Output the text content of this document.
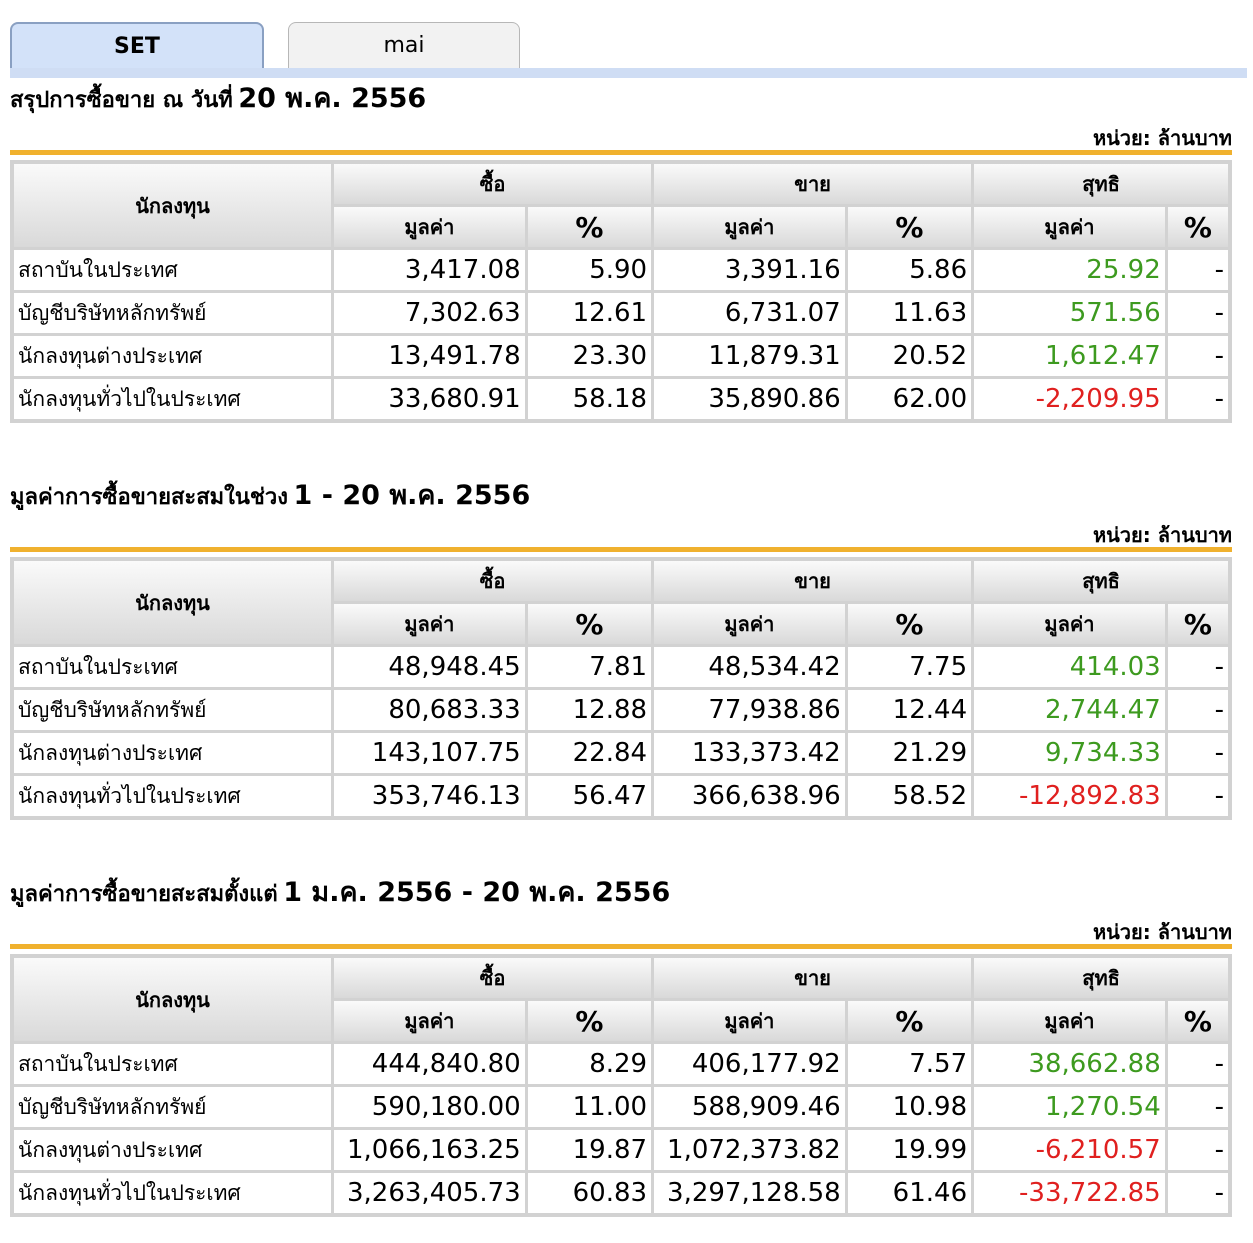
SET	mai
สรุปการซื้อขาย ณ วันที่ 20 พ.ค. 2556
หน่วย: ล้านบาท
นักลงทุน	ซื้อ		ขาย		สุทธิ	
	มูลค่า	%	มูลค่า	%	มูลค่า	%
สถาบันในประเทศ	3,417.08	5.90	3,391.16	5.86	25.92	-
บัญชีบริษัทหลักทรัพย์	7,302.63	12.61	6,731.07	11.63	571.56	-
นักลงทุนต่างประเทศ	13,491.78	23.30	11,879.31	20.52	1,612.47	-
นักลงทุนทั่วไปในประเทศ	33,680.91	58.18	35,890.86	62.00	-2,209.95	-
มูลค่าการซื้อขายสะสมในช่วง 1 - 20 พ.ค. 2556
หน่วย: ล้านบาท
นักลงทุน	ซื้อ		ขาย		สุทธิ	
	มูลค่า	%	มูลค่า	%	มูลค่า	%
สถาบันในประเทศ	48,948.45	7.81	48,534.42	7.75	414.03	-
บัญชีบริษัทหลักทรัพย์	80,683.33	12.88	77,938.86	12.44	2,744.47	-
นักลงทุนต่างประเทศ	143,107.75	22.84	133,373.42	21.29	9,734.33	-
นักลงทุนทั่วไปในประเทศ	353,746.13	56.47	366,638.96	58.52	-12,892.83	-
มูลค่าการซื้อขายสะสมตั้งแต่ 1 ม.ค. 2556 - 20 พ.ค. 2556
หน่วย: ล้านบาท
นักลงทุน	ซื้อ		ขาย		สุทธิ	
	มูลค่า	%	มูลค่า	%	มูลค่า	%
สถาบันในประเทศ	444,840.80	8.29	406,177.92	7.57	38,662.88	-
บัญชีบริษัทหลักทรัพย์	590,180.00	11.00	588,909.46	10.98	1,270.54	-
นักลงทุนต่างประเทศ	1,066,163.25	19.87	1,072,373.82	19.99	-6,210.57	-
นักลงทุนทั่วไปในประเทศ	3,263,405.73	60.83	3,297,128.58	61.46	-33,722.85	-
